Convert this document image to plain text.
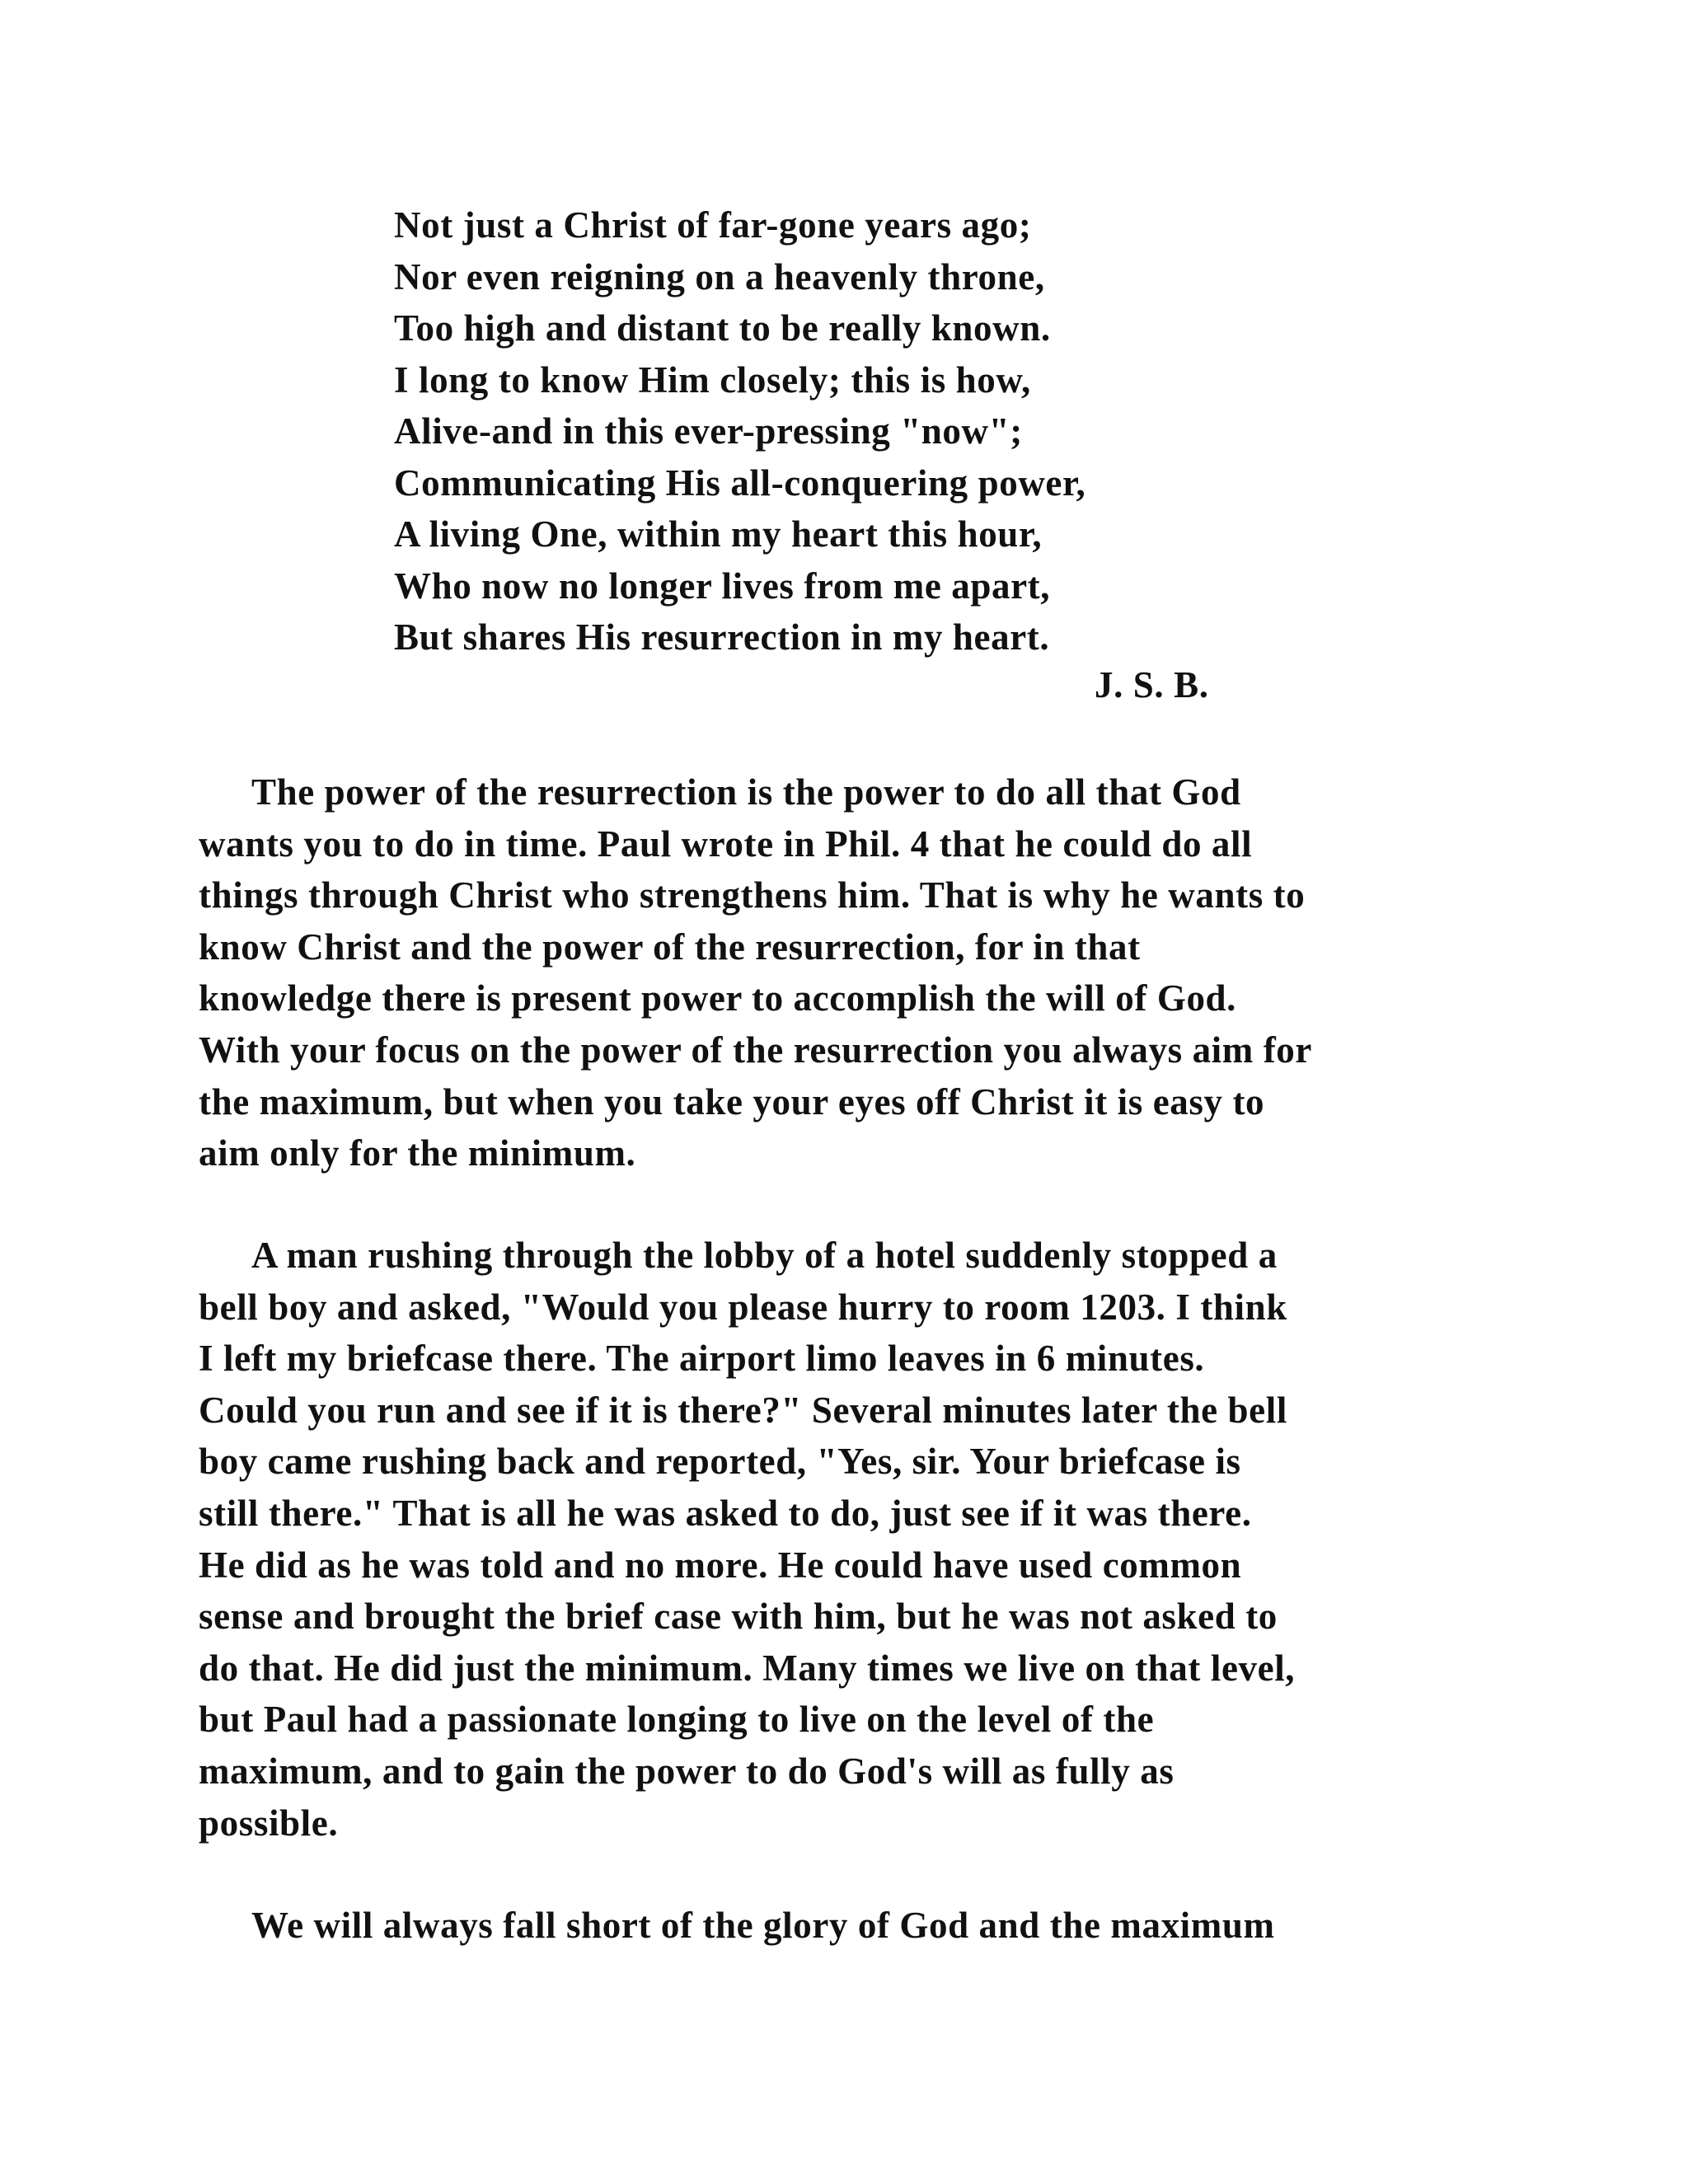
Not just a Christ of far-gone years ago;
Nor even reigning on a heavenly throne,
Too high and distant to be really known.
I long to know Him closely; this is how,
Alive-and in this ever-pressing "now";
Communicating His all-conquering power,
A living One, within my heart this hour,
Who now no longer lives from me apart,
But shares His resurrection in my heart.
J. S. B.
The power of the resurrection is the power to do all that God
wants you to do in time. Paul wrote in Phil. 4 that he could do all
things through Christ who strengthens him. That is why he wants to
know Christ and the power of the resurrection, for in that
knowledge there is present power to accomplish the will of God.
With your focus on the power of the resurrection you always aim for
the maximum, but when you take your eyes off Christ it is easy to
aim only for the minimum.
A man rushing through the lobby of a hotel suddenly stopped a
bell boy and asked, "Would you please hurry to room 1203. I think
I left my briefcase there. The airport limo leaves in 6 minutes.
Could you run and see if it is there?" Several minutes later the bell
boy came rushing back and reported, "Yes, sir. Your briefcase is
still there." That is all he was asked to do, just see if it was there.
He did as he was told and no more. He could have used common
sense and brought the brief case with him, but he was not asked to
do that. He did just the minimum. Many times we live on that level,
but Paul had a passionate longing to live on the level of the
maximum, and to gain the power to do God's will as fully as
possible.
We will always fall short of the glory of God and the maximum
